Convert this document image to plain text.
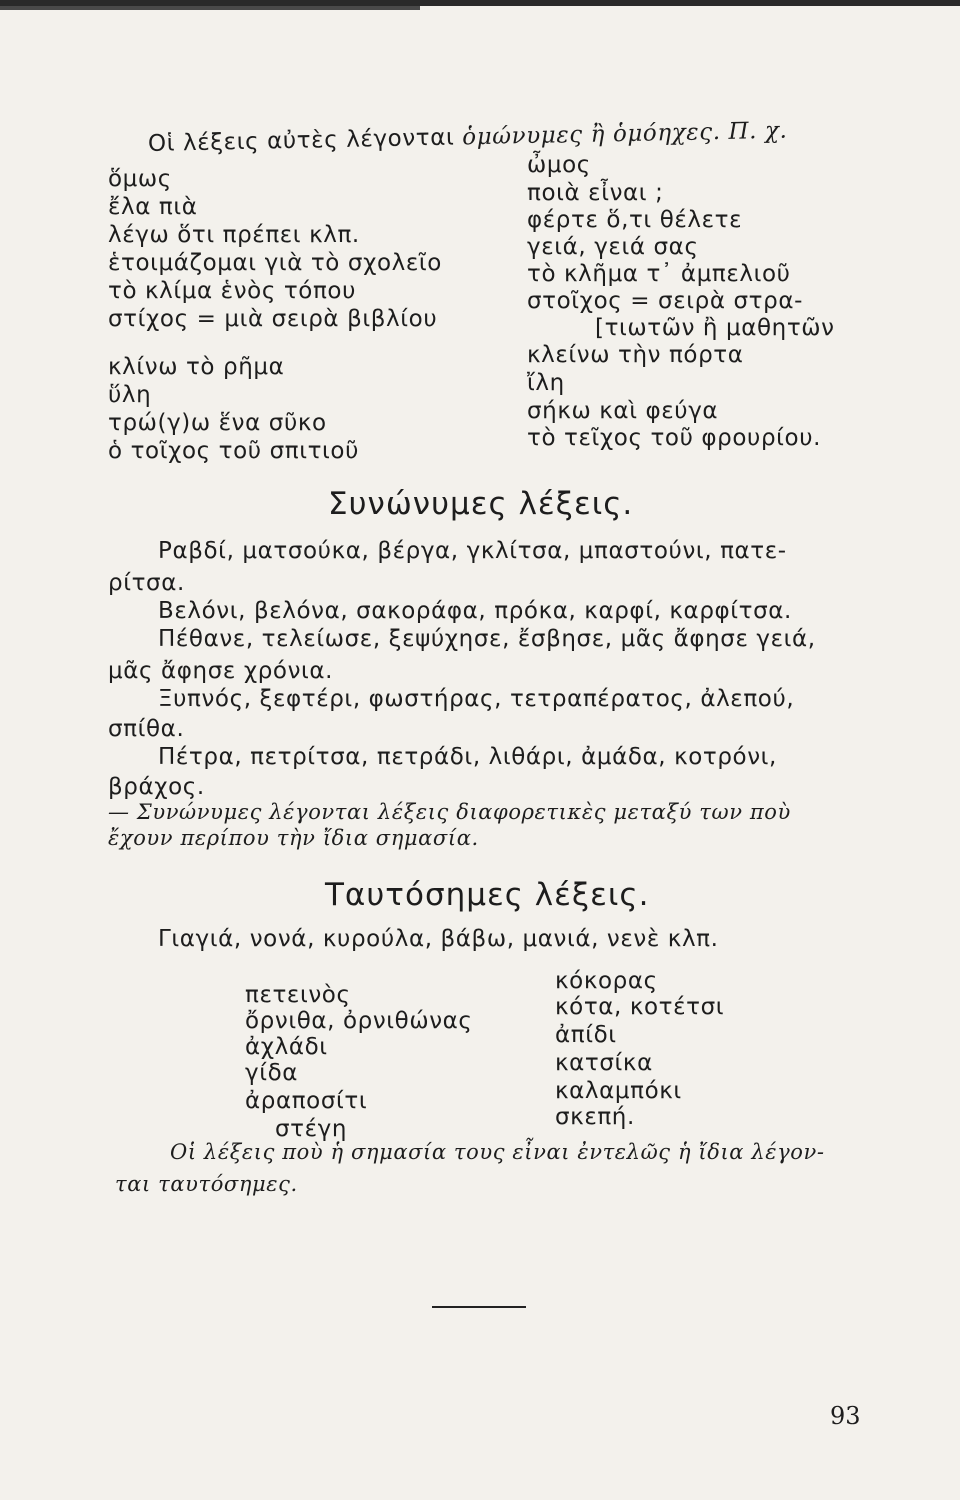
Οἱ λέξεις αὐτὲς λέγονται ὁμώνυμες ἢ ὁμόηχες. Π. χ.
ὅμως
ἔλα πιὰ
λέγω ὅτι πρέπει κλπ.
ἑτοιμάζομαι γιὰ τὸ σχολεῖο
τὸ κλίμα ἑνὸς τόπου
στίχος = μιὰ σειρὰ βιβλίου
κλίνω τὸ ρῆμα
ὕλη
τρώ(γ)ω ἕνα σῦκο
ὁ τοῖχος τοῦ σπιτιοῦ
ὦμος
ποιὰ εἶναι ;
φέρτε ὅ,τι θέλετε
γειά, γειά σας
τὸ κλῆμα τ᾽ ἀμπελιοῦ
στοῖχος = σειρὰ στρα-
[τιωτῶν ἢ μαθητῶν
κλείνω τὴν πόρτα
ἴλη
σήκω καὶ φεύγα
τὸ τεῖχος τοῦ φρουρίου.
Συνώνυμες λέξεις.
Ραβδί, ματσούκα, βέργα, γκλίτσα, μπαστούνι, πατε-
ρίτσα.
Βελόνι, βελόνα, σακοράφα, πρόκα, καρφί, καρφίτσα.
Πέθανε, τελείωσε, ξεψύχησε, ἔσβησε, μᾶς ἄφησε γειά,
μᾶς ἄφησε χρόνια.
Ξυπνός, ξεφτέρι, φωστήρας, τετραπέρατος, ἀλεπού,
σπίθα.
Πέτρα, πετρίτσα, πετράδι, λιθάρι, ἀμάδα, κοτρόνι,
βράχος.
— Συνώνυμες λέγονται λέξεις διαφορετικὲς μεταξύ των ποὺ
ἔχουν περίπου τὴν ἴδια σημασία.
Ταυτόσημες λέξεις.
Γιαγιά, νονά, κυρούλα, βάβω, μανιά, νενὲ κλπ.
πετεινὸς
ὄρνιθα, ὀρνιθώνας
ἀχλάδι
γίδα
ἀραποσίτι
στέγη
κόκορας
κότα, κοτέτσι
ἀπίδι
κατσίκα
καλαμπόκι
σκεπή.
Οἱ λέξεις ποὺ ἡ σημασία τους εἶναι ἐντελῶς ἡ ἴδια λέγον-
ται ταυτόσημες.
93
